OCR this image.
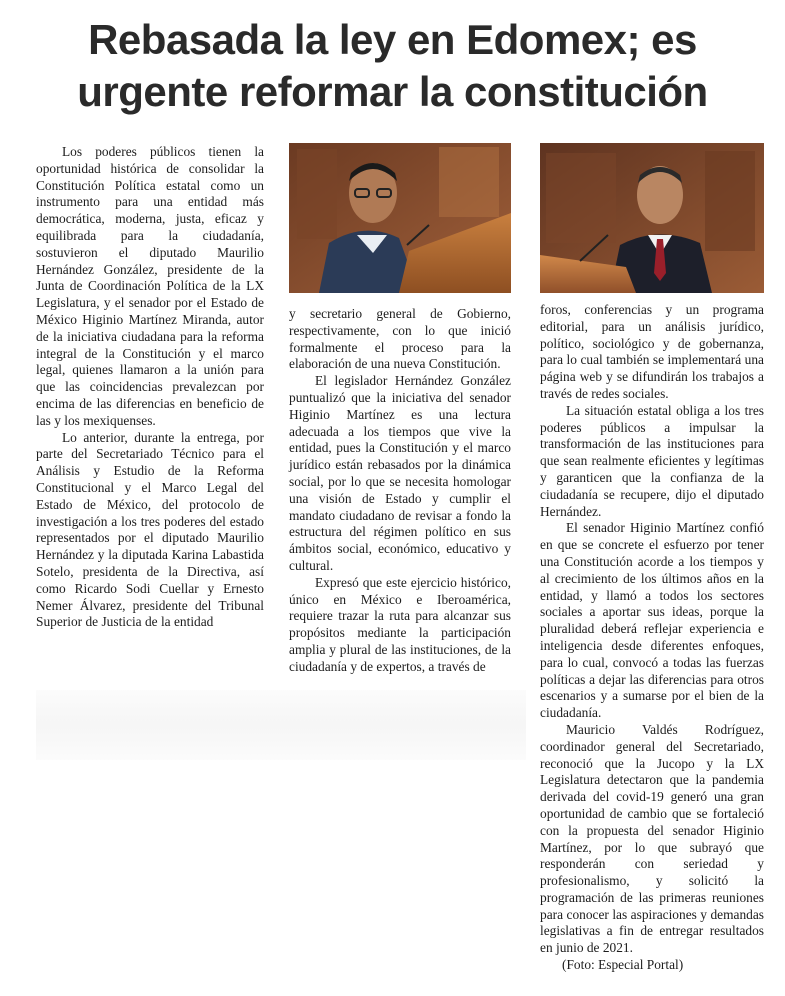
Rebasada la ley en Edomex; es
urgente reformar la constitución

Los poderes públicos tienen la oportunidad histórica de consolidar la Constitución Política estatal como un instrumento para una entidad más democrática, moderna, justa, eficaz y equilibrada para la ciudadanía, sostuvieron el diputado Maurilio Hernández González, presidente de la Junta de Coordinación Política de la LX Legislatura, y el senador por el Estado de México Higinio Martínez Miranda, autor de la iniciativa ciudadana para la reforma integral de la Constitución y el marco legal, quienes llamaron a la unión para que las coincidencias prevalezcan por encima de las diferencias en beneficio de las y los mexiquenses.

Lo anterior, durante la entrega, por parte del Secretariado Técnico para el Análisis y Estudio de la Reforma Constitucional y el Marco Legal del Estado de México, del protocolo de investigación a los tres poderes del estado representados por el diputado Maurilio Hernández y la diputada Karina Labastida Sotelo, presidenta de la Directiva, así como Ricardo Sodi Cuellar y Ernesto Nemer Álvarez, presidente del Tribunal Superior de Justicia de la entidad

y secretario general de Gobierno, respectivamente, con lo que inició formalmente el proceso para la elaboración de una nueva Constitución.

El legislador Hernández González puntualizó que la iniciativa del senador Higinio Martínez es una lectura adecuada a los tiempos que vive la entidad, pues la Constitución y el marco jurídico están rebasados por la dinámica social, por lo que se necesita homologar una visión de Estado y cumplir el mandato ciudadano de revisar a fondo la estructura del régimen político en sus ámbitos social, económico, educativo y cultural.

Expresó que este ejercicio histórico, único en México e Iberoamérica, requiere trazar la ruta para alcanzar sus propósitos mediante la participación amplia y plural de las instituciones, de la ciudadanía y de expertos, a través de

foros, conferencias y un programa editorial, para un análisis jurídico, político, sociológico y de gobernanza, para lo cual también se implementará una página web y se difundirán los trabajos a través de redes sociales.

La situación estatal obliga a los tres poderes públicos a impulsar la transformación de las instituciones para que sean realmente eficientes y legítimas y garanticen que la confianza de la ciudadanía se recupere, dijo el diputado Hernández.

El senador Higinio Martínez confió en que se concrete el esfuerzo por tener una Constitución acorde a los tiempos y al crecimiento de los últimos años en la entidad, y llamó a todos los sectores sociales a aportar sus ideas, porque la pluralidad deberá reflejar experiencia e inteligencia desde diferentes enfoques, para lo cual, convocó a todas las fuerzas políticas a dejar las diferencias para otros escenarios y a sumarse por el bien de la ciudadanía.

Mauricio Valdés Rodríguez, coordinador general del Secretariado, reconoció que la Jucopo y la LX Legislatura detectaron que la pandemia derivada del covid-19 generó una gran oportunidad de cambio que se fortaleció con la propuesta del senador Higinio Martínez, por lo que subrayó que responderán con seriedad y profesionalismo, y solicitó la programación de las primeras reuniones para conocer las aspiraciones y demandas legislativas a fin de entregar resultados en junio de 2021.

(Foto: Especial Portal)
